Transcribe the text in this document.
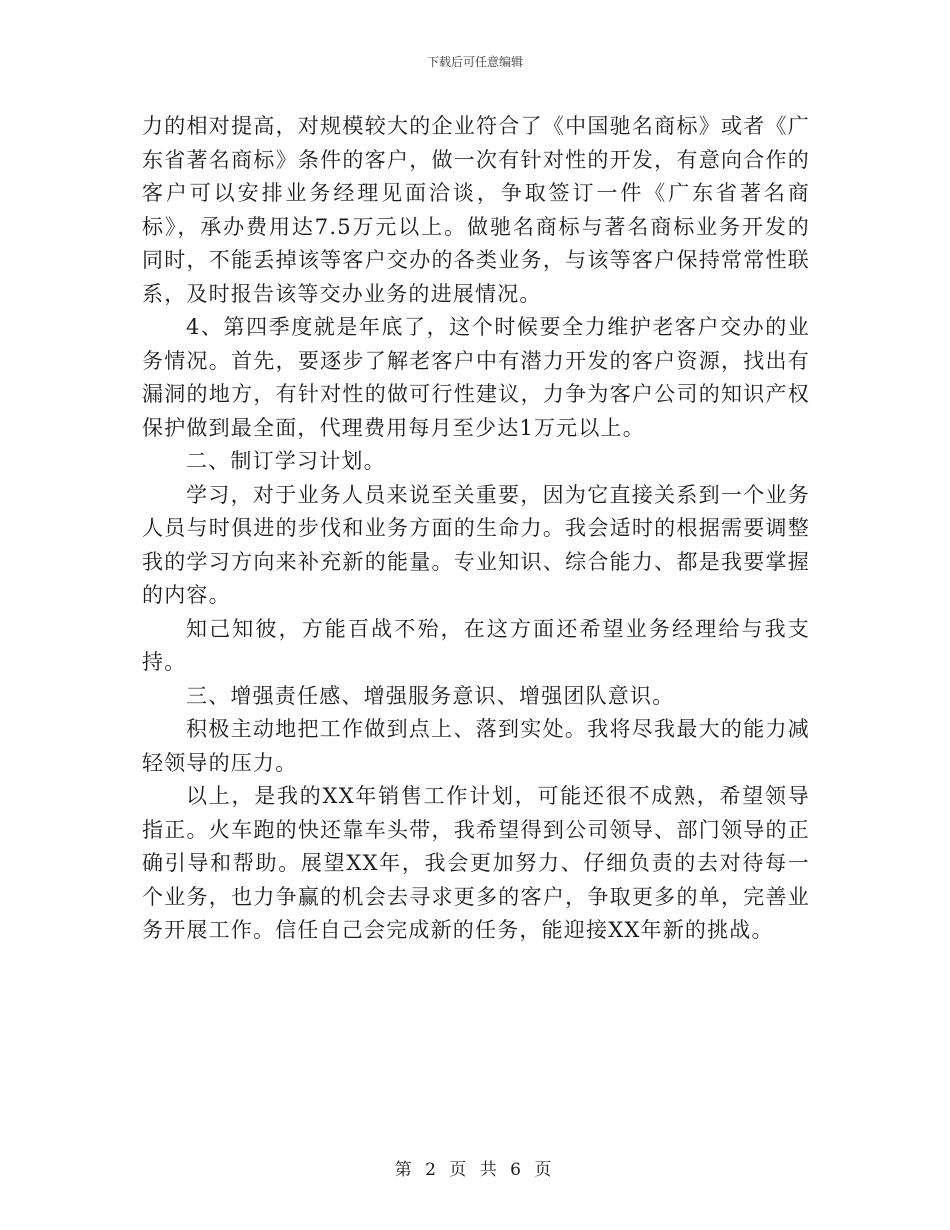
下载后可任意编辑

力的相对提高，对规模较大的企业符合了《中国驰名商标》或者《广东省著名商标》条件的客户，做一次有针对性的开发，有意向合作的客户可以安排业务经理见面洽谈，争取签订一件《广东省著名商标》，承办费用达7.5万元以上。做驰名商标与著名商标业务开发的同时，不能丢掉该等客户交办的各类业务，与该等客户保持常常性联系，及时报告该等交办业务的进展情况。

4、第四季度就是年底了，这个时候要全力维护老客户交办的业务情况。首先，要逐步了解老客户中有潜力开发的客户资源，找出有漏洞的地方，有针对性的做可行性建议，力争为客户公司的知识产权保护做到最全面，代理费用每月至少达1万元以上。

二、制订学习计划。

学习，对于业务人员来说至关重要，因为它直接关系到一个业务人员与时俱进的步伐和业务方面的生命力。我会适时的根据需要调整我的学习方向来补充新的能量。专业知识、综合能力、都是我要掌握的内容。

知己知彼，方能百战不殆，在这方面还希望业务经理给与我支持。

三、增强责任感、增强服务意识、增强团队意识。

积极主动地把工作做到点上、落到实处。我将尽我最大的能力减轻领导的压力。

以上，是我的XX年销售工作计划，可能还很不成熟，希望领导指正。火车跑的快还靠车头带，我希望得到公司领导、部门领导的正确引导和帮助。展望XX年，我会更加努力、仔细负责的去对待每一个业务，也力争赢的机会去寻求更多的客户，争取更多的单，完善业务开展工作。信任自己会完成新的任务，能迎接XX年新的挑战。

第 2 页 共 6 页
